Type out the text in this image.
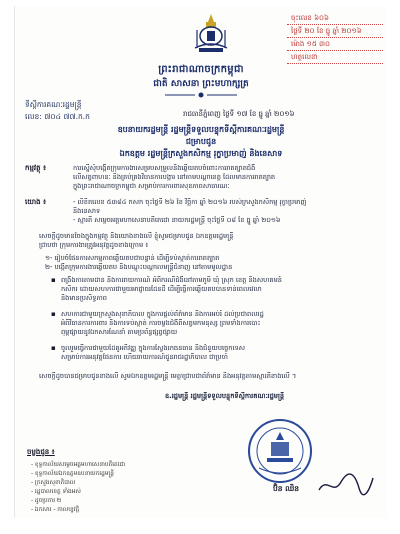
ចុះលេខ ៦០៦
ថ្ងៃទី ២០ ខែ ធ្នូ ឆ្នាំ ២០១៦
ម៉ោង ១៥ ៣០
ហត្ថលេខា
ព្រះរាជាណាចក្រកម្ពុជា
ជាតិ សាសនា ព្រះមហាក្សត្រ
ទីស្តីការគណៈរដ្ឋមន្ត្រី
លេខ: ៧០៤ ៧៧.ក.ក	រាជធានីភ្នំពេញ ថ្ងៃទី ១៧ ខែ ធ្នូ ឆ្នាំ ២០១៦
ឧបនាយករដ្ឋមន្ត្រី រដ្ឋមន្ត្រីទទួលបន្ទុកទីស្តីការគណៈរដ្ឋមន្ត្រី
ជម្រាបជូន
ឯកឧត្តម រដ្ឋមន្ត្រីក្រសួងកសិកម្ម រុក្ខាប្រមាញ់ និងនេសាទ
កម្មវត្ថុ ៖	ការស្នើសុំបង្កើតក្រុមការងារសម្របសម្រួលនិងឆ្លើយតបចំពោះ​ការរាតត្បាតជំងឺ
លើសត្វពាហនៈ និងគ្រប់គ្រងវិធានការបង្ការ​ នៅតាមបណ្តាខេត្ត ​ដែលមានការរាតត្បាត
ក្នុងព្រះរាជាណាចក្រកម្ពុជា សម្រាប់ការការពារ​សុខភាពសាធារណៈ
យោង ៖	- លិខិតលេខ ៥៣៨៤ កសក ចុះថ្ងៃទី ២៦ ខែ វិច្ឆិកា ឆ្នាំ ២០១៦ របស់ក្រសួងកសិកម្ម រុក្ខាប្រមាញ់
និងនេសាទ
- ស្មារតី សម្តេចអគ្គមហាសេនាបតីតេជោ នាយករដ្ឋមន្ត្រី ចុះថ្ងៃទី ០៨ ខែ ធ្នូ ឆ្នាំ ២០១៦
សេចក្តីដូចមានចែងក្នុងកម្មវត្ថុ និងយោងខាងលើ ខ្ញុំសូមជម្រាបជូន ឯកឧត្តមរដ្ឋមន្ត្រី
ជ្រាបថា ក្រុមការងារត្រូវអនុវត្តដូចខាងក្រោម ៖
១- រៀបចំផែនការសកម្មភាពឆ្លើយតបជាបន្ទាន់ ដើម្បីទប់ស្កាត់ការរាតត្បាត
២- បង្កើតក្រុមការងារឆ្លើយតប និងបណ្តុះបណ្តាលមន្ត្រីជំនាញ នៅតាមមូលដ្ឋាន
▪ ពង្រឹងការតាមដាន និងការរាយការណ៍ អំពីករណីជំងឺនៅតាមភូមិ ឃុំ ស្រុក ខេត្ត និងសហគមន៍
កសិករ ដោយសហការជាមួយអាជ្ញាធរដែនដី ដើម្បីធ្វើការឆ្លើយតបបានទាន់ពេលវេលា
និងមានប្រសិទ្ធភាព
▪ សហការជាមួយក្រសួងសុខាភិបាល ក្នុងការផ្តល់ព័ត៌មាន និងការអប់រំ ដល់ប្រជាពលរដ្ឋ
អំពីវិធានការការពារ និងការទប់ស្កាត់ ការចម្លងជំងឺពីសត្វមកមនុស្ស ព្រមទាំងការបោះ
ពុម្ពផ្សាយនូវឯកសារណែនាំ តាមប្រព័ន្ធផ្សព្វផ្សាយ
▪ ចូលរួមធ្វើការជាមួយដៃគូអភិវឌ្ឍ ក្នុងការស្វែងរកធនធាន និងជំនួយបច្ចេកទេស
សម្រាប់ការអនុវត្តផែនការ ហើយរាយការណ៍ជូនរាជរដ្ឋាភិបាល ជាប្រចាំ
សេចក្តីដូចបានជម្រាបជូនខាងលើ សូមឯកឧត្តមរដ្ឋមន្ត្រី មេត្តាជ្រាបជាព័ត៌មាន និងអនុវត្តតាមស្មារតីខាងលើ ។
ឧ.រដ្ឋមន្ត្រី រដ្ឋមន្ត្រីទទួលបន្ទុកទីស្តីការគណៈរដ្ឋមន្ត្រី
ប៊ិន ឈិន
ចម្លងជូន ៖
- ខុទ្ទកាល័យសម្តេចអគ្គមហាសេនាបតីតេជោ
- ខុទ្ទកាល័យឯកឧត្តមឧបនាយករដ្ឋមន្ត្រី
- ក្រសួងសុខាភិបាល
- រដ្ឋបាលខេត្ត ទាំងអស់
- ដូចប្រការ ២
- ឯកសារ - កាលប្បវត្តិ
